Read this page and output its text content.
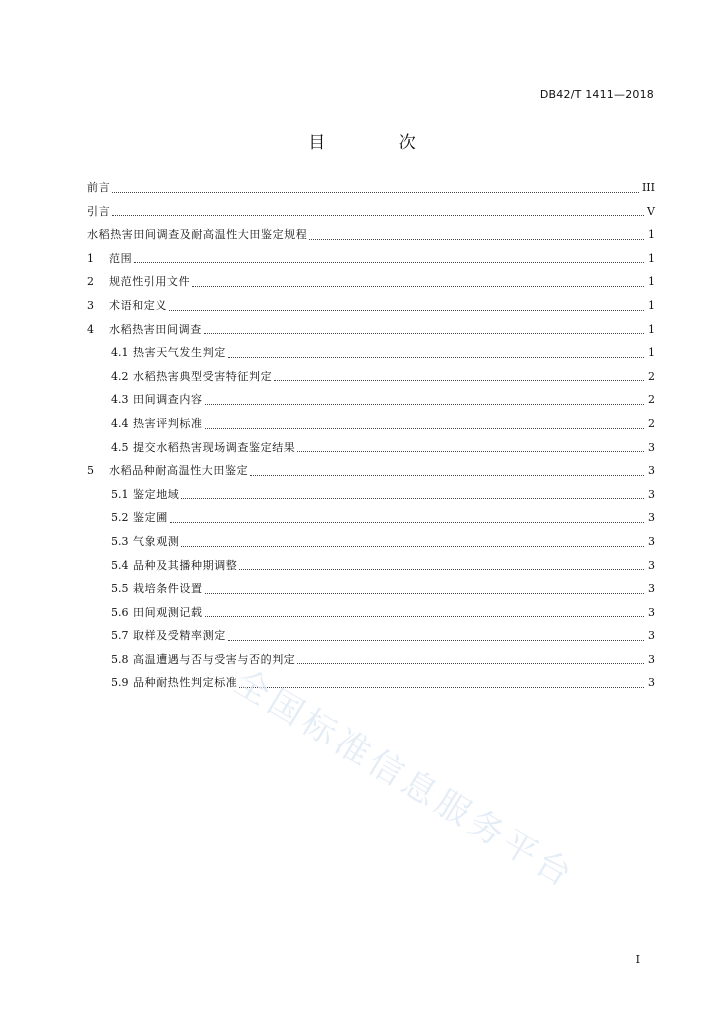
DB42/T 1411—2018
目 次
前言	III
引言	V
水稻热害田间调查及耐高温性大田鉴定规程	1
1	范围	1
2	规范性引用文件	1
3	术语和定义	1
4	水稻热害田间调查	1
4.1 热害天气发生判定	1
4.2 水稻热害典型受害特征判定	2
4.3 田间调查内容	2
4.4 热害评判标准	2
4.5 提交水稻热害现场调查鉴定结果	3
5	水稻品种耐高温性大田鉴定	3
5.1 鉴定地域	3
5.2 鉴定圃	3
5.3 气象观测	3
5.4 品种及其播种期调整	3
5.5 栽培条件设置	3
5.6 田间观测记载	3
5.7 取样及受精率测定	3
5.8 高温遭遇与否与受害与否的判定	3
5.9 品种耐热性判定标准	3
I
全国标准信息服务平台
